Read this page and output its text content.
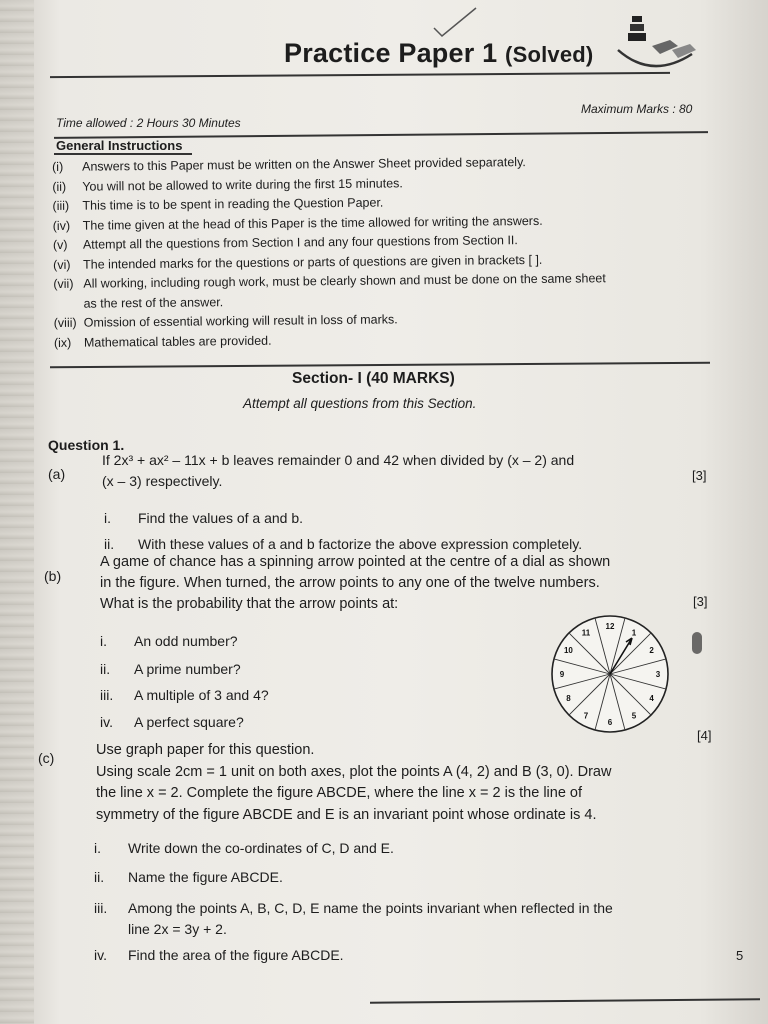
Practice Paper 1 (Solved)
Time allowed : 2 Hours 30 Minutes
Maximum Marks : 80
General Instructions
(i)	Answers to this Paper must be written on the Answer Sheet provided separately.
(ii)	You will not be allowed to write during the first 15 minutes.
(iii)	This time is to be spent in reading the Question Paper.
(iv) The time given at the head of this Paper is the time allowed for writing the answers.
(v)	Attempt all the questions from Section I and any four questions from Section II.
(vi) The intended marks for the questions or parts of questions are given in brackets [ ].
(vii) All working, including rough work, must be clearly shown and must be done on the same sheet
as the rest of the answer.
(viii) Omission of essential working will result in loss of marks.
(ix) Mathematical tables are provided.
Section- I (40 MARKS)
Attempt all questions from this Section.
Question 1.
(a)
If 2x³ + ax² – 11x + b leaves remainder 0 and 42 when divided by (x – 2) and
(x – 3) respectively.	[3]
i. Find the values of a and b.
ii. With these values of a and b factorize the above expression completely.
(b)
A game of chance has a spinning arrow pointed at the centre of a dial as shown
in the figure. When turned, the arrow points to any one of the twelve numbers.
What is the probability that the arrow points at:	[3]
i. An odd number?
ii. A prime number?
iii. A multiple of 3 and 4?
iv. A perfect square?
12
1
2
3
4
5
6
7
8
9
10
11
(c)	Use graph paper for this question.
Using scale 2cm = 1 unit on both axes, plot the points A (4, 2) and B (3, 0). Draw
the line x = 2. Complete the figure ABCDE, where the line x = 2 is the line of
symmetry of the figure ABCDE and E is an invariant point whose ordinate is 4.
[4]
i. Write down the co-ordinates of C, D and E.
ii. Name the figure ABCDE.
iii. Among the points A, B, C, D, E name the points invariant when reflected in the
line 2x = 3y + 2.
iv. Find the area of the figure ABCDE.	5
